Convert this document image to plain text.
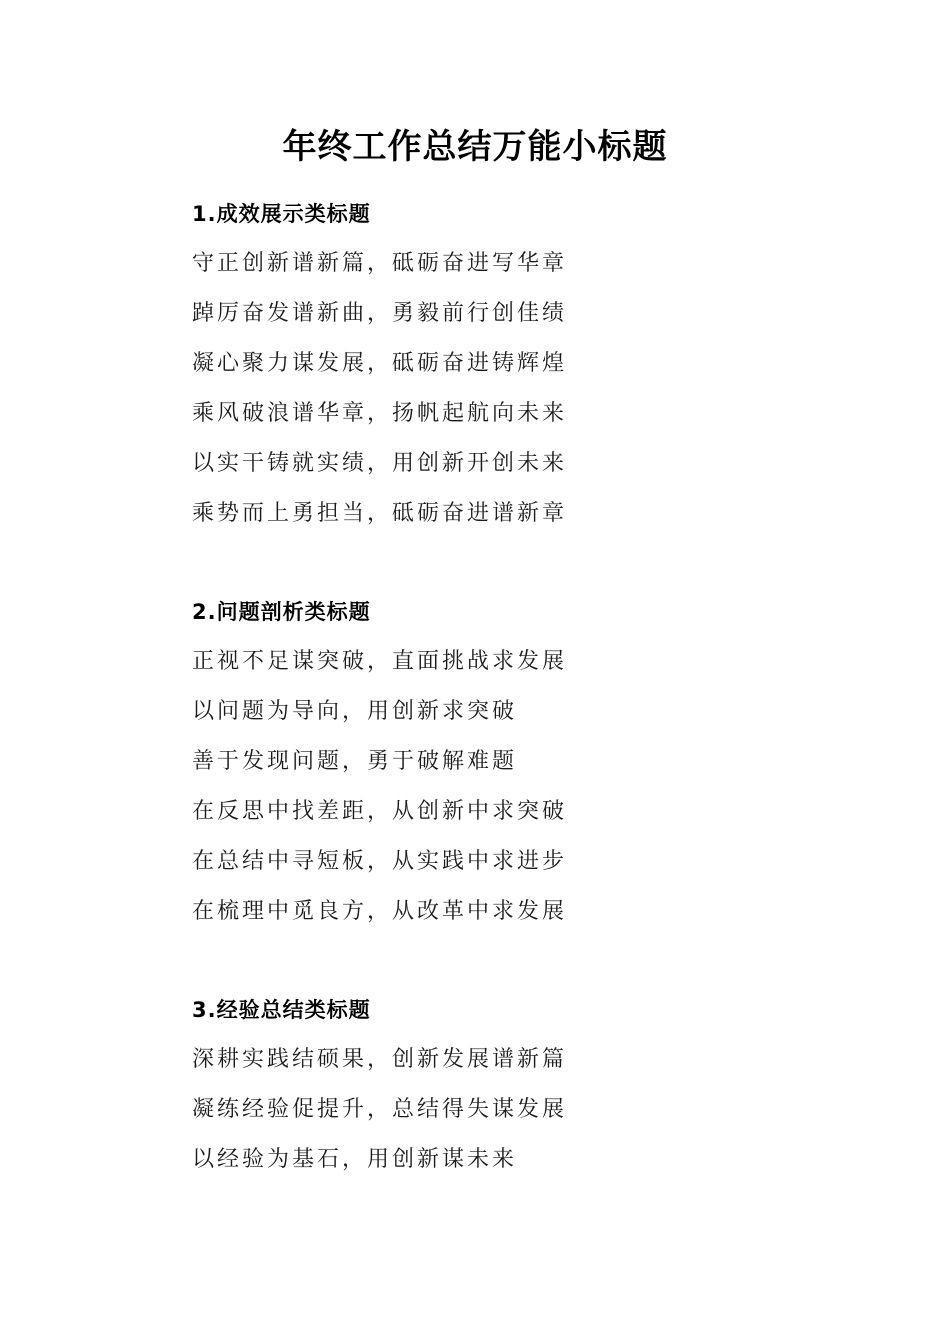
年终工作总结万能小标题
1.成效展示类标题
守正创新谱新篇，砥砺奋进写华章
踔厉奋发谱新曲，勇毅前行创佳绩
凝心聚力谋发展，砥砺奋进铸辉煌
乘风破浪谱华章，扬帆起航向未来
以实干铸就实绩，用创新开创未来
乘势而上勇担当，砥砺奋进谱新章
2.问题剖析类标题
正视不足谋突破，直面挑战求发展
以问题为导向，用创新求突破
善于发现问题，勇于破解难题
在反思中找差距，从创新中求突破
在总结中寻短板，从实践中求进步
在梳理中觅良方，从改革中求发展
3.经验总结类标题
深耕实践结硕果，创新发展谱新篇
凝练经验促提升，总结得失谋发展
以经验为基石，用创新谋未来
